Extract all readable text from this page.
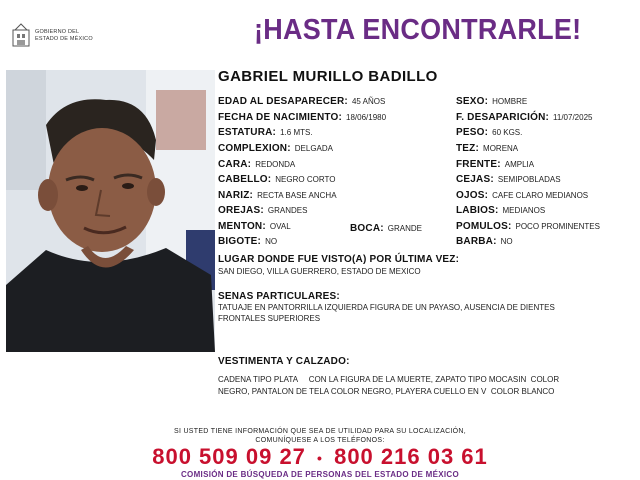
GOBIERNO DEL
ESTADO DE MÉXICO	¡HASTA ENCONTRARLE!
GABRIEL MURILLO BADILLO
EDAD AL DESAPARECER: 45 AÑOS
FECHA DE NACIMIENTO: 18/06/1980
ESTATURA: 1.6 MTS.
COMPLEXION: DELGADA
CARA: REDONDA
CABELLO: NEGRO CORTO
NARIZ: RECTA BASE ANCHA
OREJAS: GRANDES
MENTON: OVAL	BOCA: GRANDE
BIGOTE: NO
SEXO: HOMBRE
F. DESAPARICIÓN: 11/07/2025
PESO: 60 KGS.
TEZ: MORENA
FRENTE: AMPLIA
CEJAS: SEMIPOBLADAS
OJOS: CAFE CLARO MEDIANOS
LABIOS: MEDIANOS
POMULOS: POCO PROMINENTES
BARBA: NO
LUGAR DONDE FUE VISTO(A) POR ÚLTIMA VEZ:
SAN DIEGO, VILLA GUERRERO, ESTADO DE MEXICO
SENAS PARTICULARES:
TATUAJE EN PANTORRILLA IZQUIERDA FIGURA DE UN PAYASO, AUSENCIA DE DIENTES
FRONTALES SUPERIORES
VESTIMENTA Y CALZADO:
CADENA TIPO PLATA     CON LA FIGURA DE LA MUERTE, ZAPATO TIPO MOCASIN  COLOR
NEGRO, PANTALON DE TELA COLOR NEGRO, PLAYERA CUELLO EN V  COLOR BLANCO
SI USTED TIENE INFORMACIÓN QUE SEA DE UTILIDAD PARA SU LOCALIZACIÓN,
COMUNÍQUESE A LOS TELÉFONOS:
800 509 09 27 • 800 216 03 61
COMISIÓN DE BÚSQUEDA DE PERSONAS DEL ESTADO DE MÉXICO
